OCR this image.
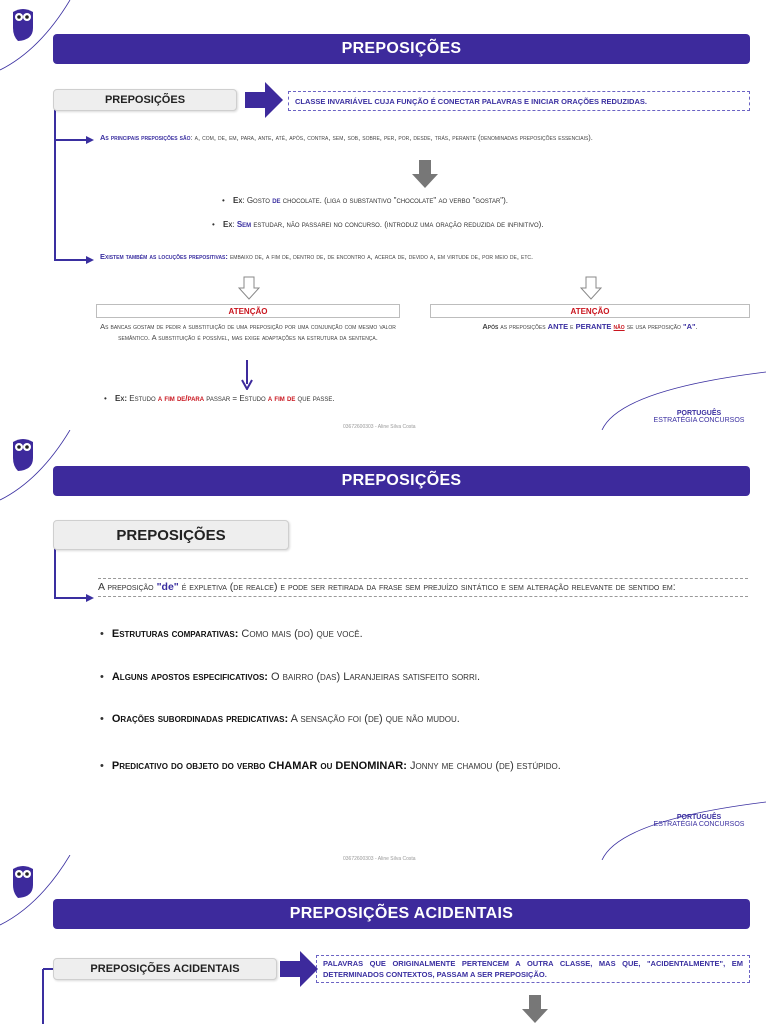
PREPOSIÇÕES
PREPOSIÇÕES	CLASSE INVARIÁVEL CUJA FUNÇÃO É CONECTAR PALAVRAS E INICIAR ORAÇÕES REDUZIDAS.
As principais preposições são: a, com, de, em, para, ante, até, após, contra, sem, sob, sobre, per, por, desde, trás, perante (denominadas preposições essenciais).
• Ex: Gosto de chocolate. (liga o substantivo "chocolate" ao verbo "gostar").
• Ex: Sem estudar, não passarei no concurso. (introduz uma oração reduzida de infinitivo).
Existem também as locuções prepositivas: embaixo de, a fim de, dentro de, de encontro a, acerca de, devido a, em virtude de, por meio de, etc.
ATENÇÃO
As bancas gostam de pedir a substituição de uma preposição por uma conjunção com mesmo valor semântico. A substituição é possível, mas exige adaptações na estrutura da sentença.
ATENÇÃO
Após as preposições ANTE e PERANTE não se usa preposição "A".
• Ex: Estudo a fim de/para passar = Estudo a fim de que passe.
03672600303 - Aline Silva Costa
PORTUGUÊS
ESTRATÉGIA CONCURSOS
PREPOSIÇÕES
PREPOSIÇÕES
A preposição "de" é expletiva (de realce) e pode ser retirada da frase sem prejuízo sintático e sem alteração relevante de sentido em:
• Estruturas comparativas: Como mais (do) que você.
• Alguns apostos especificativos: O bairro (das) Laranjeiras satisfeito sorri.
• Orações subordinadas predicativas: A sensação foi (de) que não mudou.
• Predicativo do objeto do verbo CHAMAR ou DENOMINAR: Jonny me chamou (de) estúpido.
03672600303 - Aline Silva Costa
PORTUGUÊS
ESTRATÉGIA CONCURSOS
PREPOSIÇÕES ACIDENTAIS
PREPOSIÇÕES ACIDENTAIS	PALAVRAS QUE ORIGINALMENTE PERTENCEM A OUTRA CLASSE, MAS QUE, "ACIDENTALMENTE", EM DETERMINADOS CONTEXTOS, PASSAM A SER PREPOSIÇÃO.
